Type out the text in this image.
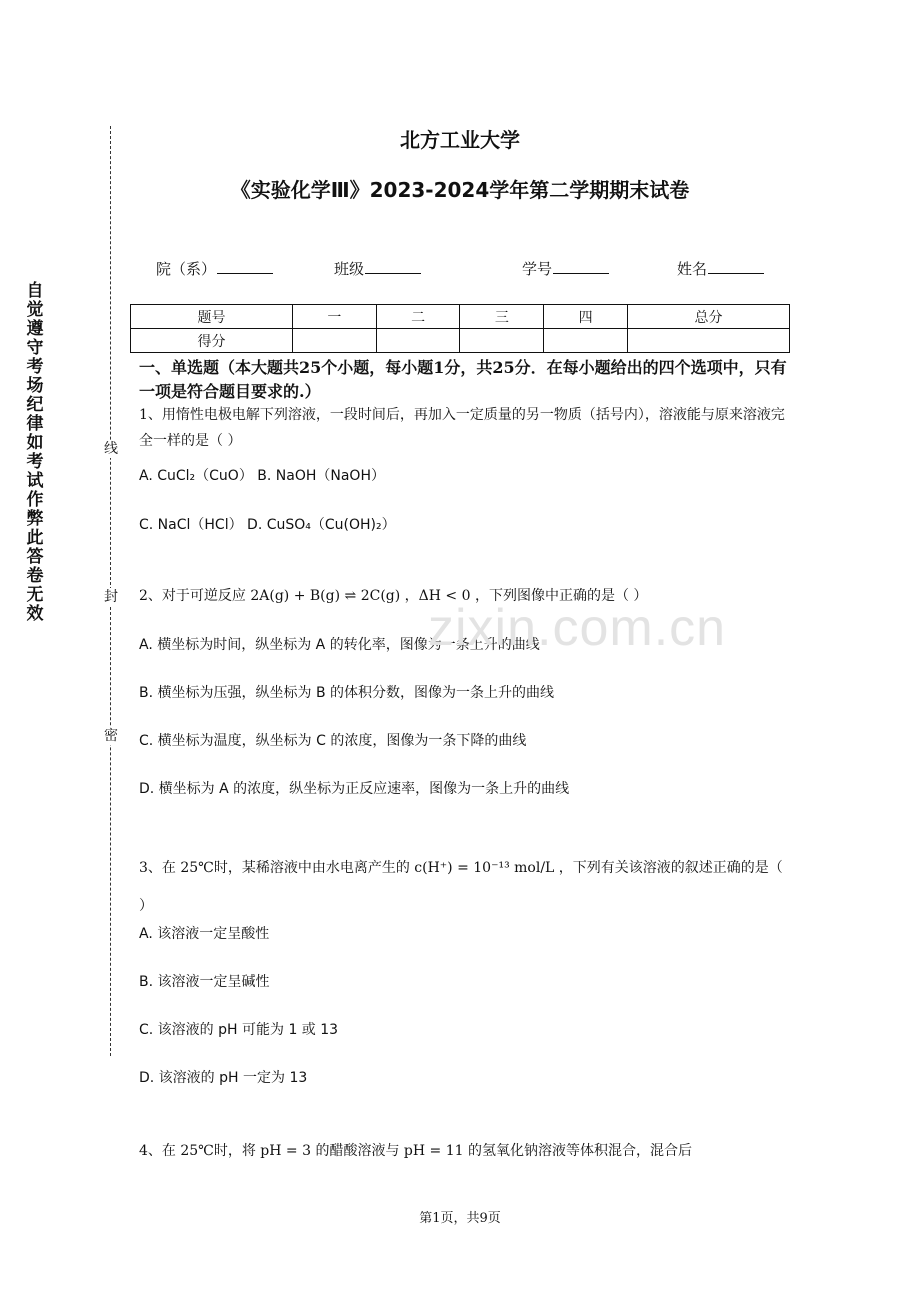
自觉遵守考场纪律如考试作弊此答卷无效
线
封
密
北方工业大学
《实验化学Ⅲ》2023-2024学年第二学期期末试卷
院（系）	班级	学号	姓名
题号	一	二	三	四	总分
得分					
一、单选题（本大题共25个小题，每小题1分，共25分．在每小题给出的四个选项中，只有一项是符合题目要求的.）
1、用惰性电极电解下列溶液，一段时间后，再加入一定质量的另一物质（括号内），溶液能与原来溶液完全一样的是（ ）
A. CuCl₂（CuO） B. NaOH（NaOH）
C. NaCl（HCl） D. CuSO₄（Cu(OH)₂）
2、对于可逆反应 2A(g) + B(g) ⇌ 2C(g) ，ΔH < 0 ，下列图像中正确的是（ ）
A. 横坐标为时间，纵坐标为 A 的转化率，图像为一条上升的曲线
B. 横坐标为压强，纵坐标为 B 的体积分数，图像为一条上升的曲线
C. 横坐标为温度，纵坐标为 C 的浓度，图像为一条下降的曲线
D. 横坐标为 A 的浓度，纵坐标为正反应速率，图像为一条上升的曲线
3、在 25℃时，某稀溶液中由水电离产生的 c(H⁺) = 10⁻¹³ mol/L ，下列有关该溶液的叙述正确的是（ ）
A. 该溶液一定呈酸性
B. 该溶液一定呈碱性
C. 该溶液的 pH 可能为 1 或 13
D. 该溶液的 pH 一定为 13
4、在 25℃时，将 pH = 3 的醋酸溶液与 pH = 11 的氢氧化钠溶液等体积混合，混合后
zixin.com.cn
第1页，共9页
